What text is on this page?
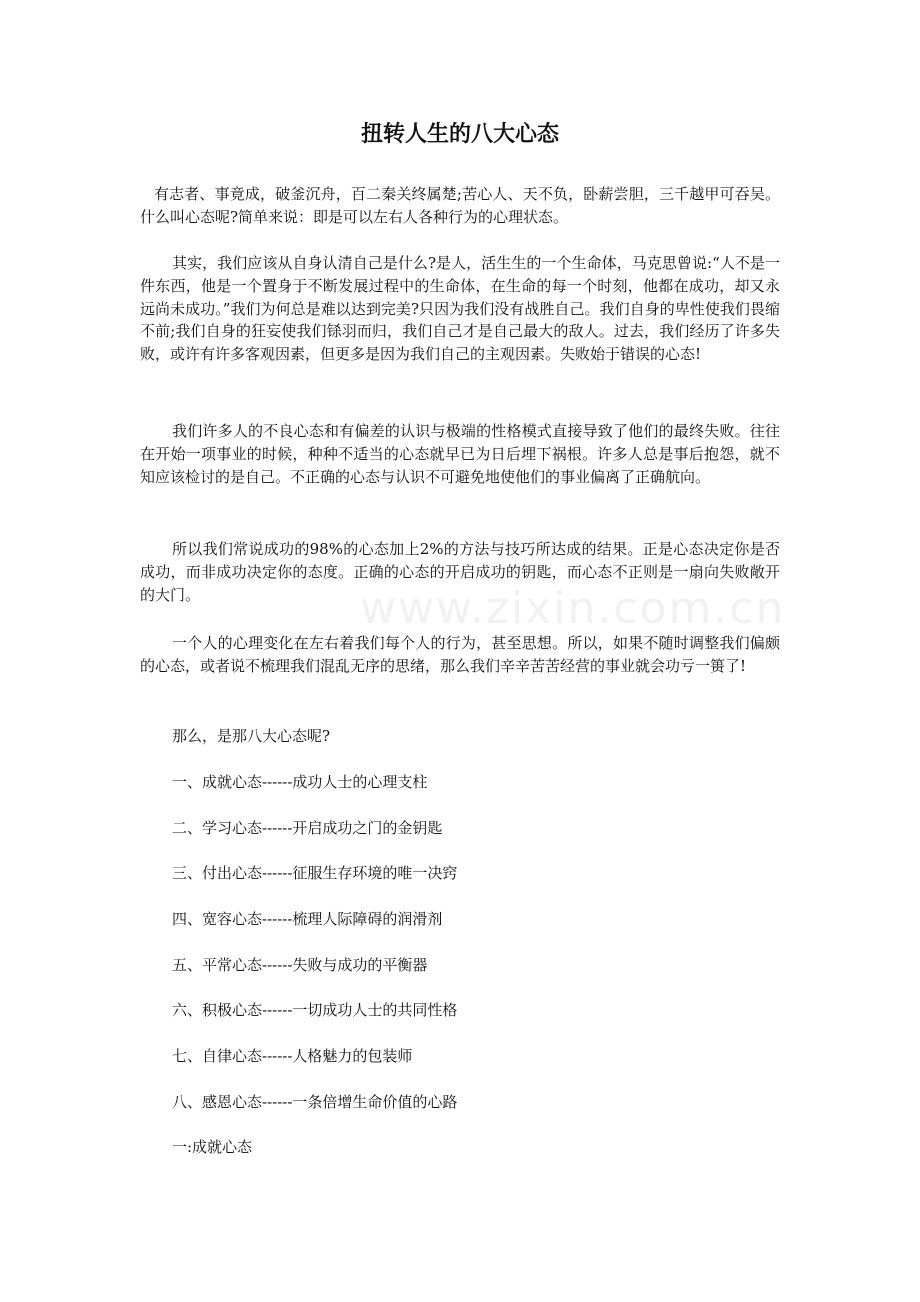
www.zixin.com.cn
扭转人生的八大心态

有志者、事竟成，破釜沉舟，百二秦关终属楚;苦心人、天不负，卧薪尝胆，三千越甲可吞吴。什么叫心态呢?简单来说：即是可以左右人各种行为的心理状态。

其实，我们应该从自身认清自己是什么?是人，活生生的一个生命体，马克思曾说:“人不是一件东西，他是一个置身于不断发展过程中的生命体，在生命的每一个时刻，他都在成功，却又永远尚未成功。”我们为何总是难以达到完美?只因为我们没有战胜自己。我们自身的卑性使我们畏缩不前;我们自身的狂妄使我们铩羽而归，我们自己才是自己最大的敌人。过去，我们经历了许多失败，或许有许多客观因素，但更多是因为我们自己的主观因素。失败始于错误的心态!

我们许多人的不良心态和有偏差的认识与极端的性格模式直接导致了他们的最终失败。往往在开始一项事业的时候，种种不适当的心态就早已为日后埋下祸根。许多人总是事后抱怨，就不知应该检讨的是自己。不正确的心态与认识不可避免地使他们的事业偏离了正确航向。

所以我们常说成功的98%的心态加上2%的方法与技巧所达成的结果。正是心态决定你是否成功，而非成功决定你的态度。正确的心态的开启成功的钥匙，而心态不正则是一扇向失败敞开的大门。

一个人的心理变化在左右着我们每个人的行为，甚至思想。所以，如果不随时调整我们偏颇的心态，或者说不梳理我们混乱无序的思绪，那么我们辛辛苦苦经营的事业就会功亏一篑了!

那么，是那八大心态呢?

一、成就心态------成功人士的心理支柱

二、学习心态------开启成功之门的金钥匙

三、付出心态------征服生存环境的唯一决窍

四、宽容心态------梳理人际障碍的润滑剂

五、平常心态------失败与成功的平衡器

六、积极心态------一切成功人士的共同性格

七、自律心态------人格魅力的包装师

八、感恩心态------一条倍增生命价值的心路

一:成就心态
